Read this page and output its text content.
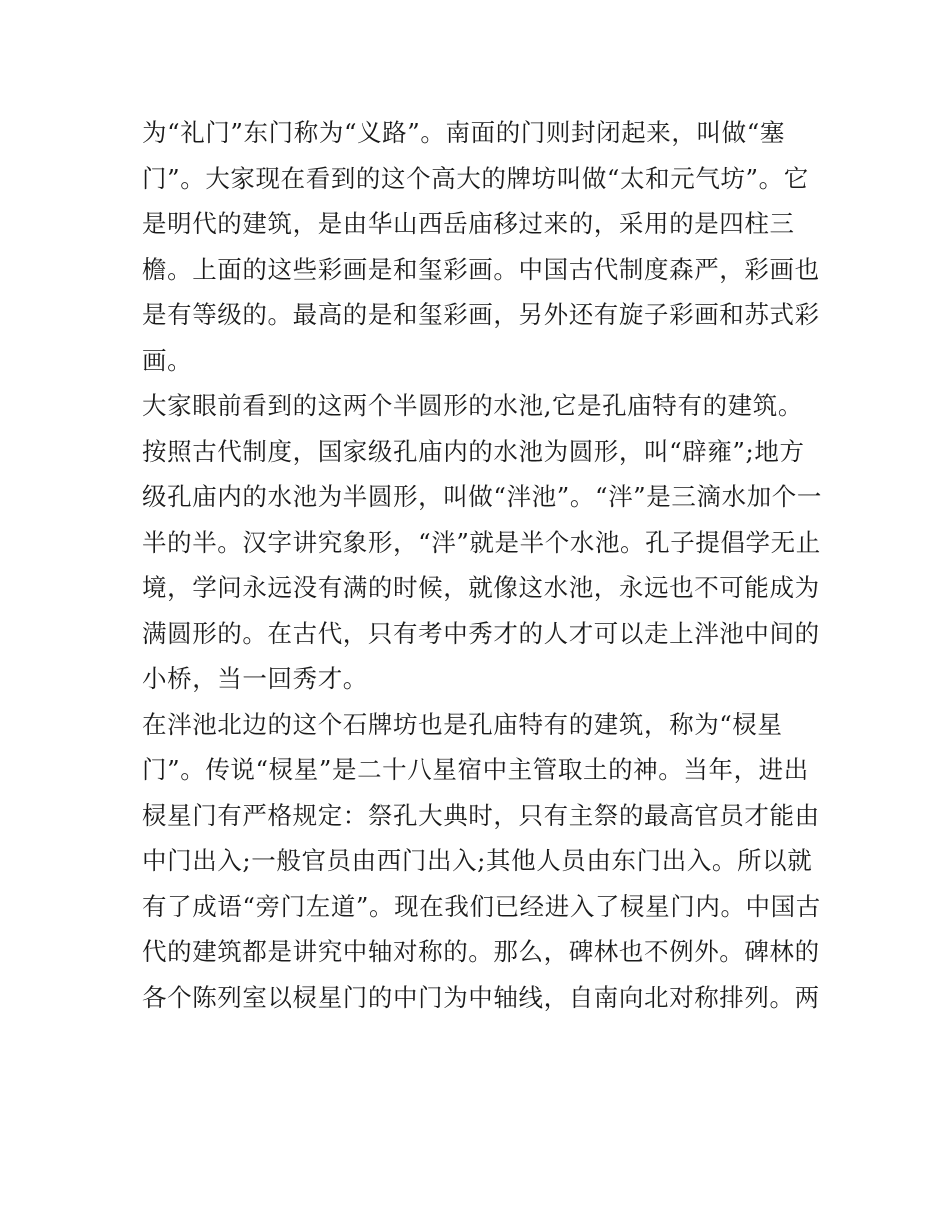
为“礼门”东门称为“义路”。南面的门则封闭起来，叫做“塞
门”。大家现在看到的这个高大的牌坊叫做“太和元气坊”。它
是明代的建筑，是由华山西岳庙移过来的，采用的是四柱三
檐。上面的这些彩画是和玺彩画。中国古代制度森严，彩画也
是有等级的。最高的是和玺彩画，另外还有旋子彩画和苏式彩
画。

大家眼前看到的这两个半圆形的水池,它是孔庙特有的建筑。
按照古代制度，国家级孔庙内的水池为圆形，叫“辟雍”;地方
级孔庙内的水池为半圆形，叫做“泮池”。“泮”是三滴水加个一
半的半。汉字讲究象形，“泮”就是半个水池。孔子提倡学无止
境，学问永远没有满的时候，就像这水池，永远也不可能成为
满圆形的。在古代，只有考中秀才的人才可以走上泮池中间的
小桥，当一回秀才。

在泮池北边的这个石牌坊也是孔庙特有的建筑，称为“棂星
门”。传说“棂星”是二十八星宿中主管取土的神。当年，进出
棂星门有严格规定：祭孔大典时，只有主祭的最高官员才能由
中门出入;一般官员由西门出入;其他人员由东门出入。所以就
有了成语“旁门左道”。现在我们已经进入了棂星门内。中国古
代的建筑都是讲究中轴对称的。那么，碑林也不例外。碑林的
各个陈列室以棂星门的中门为中轴线，自南向北对称排列。两
